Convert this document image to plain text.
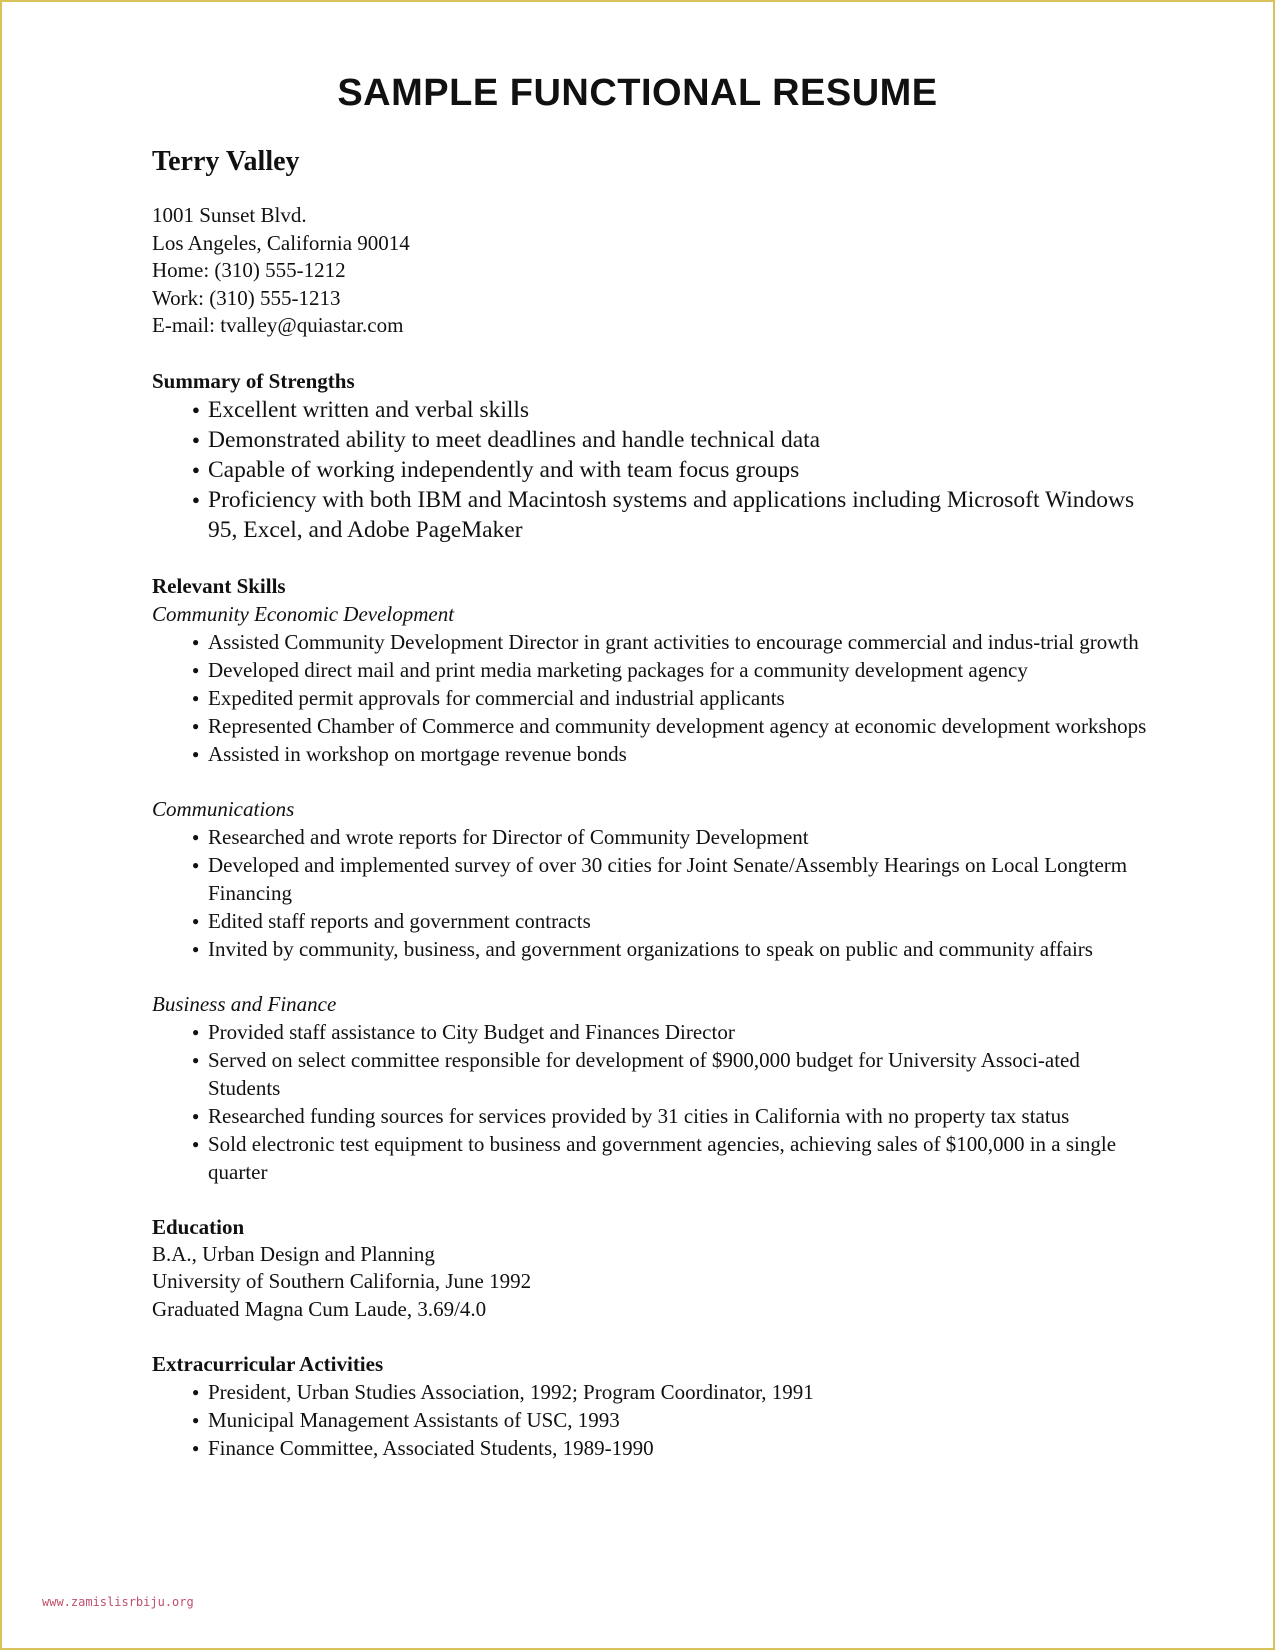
SAMPLE FUNCTIONAL RESUME
Terry Valley
1001 Sunset Blvd.
Los Angeles, California 90014
Home: (310) 555-1212
Work: (310) 555-1213
E-mail: tvalley@quiastar.com
Summary of Strengths
● Excellent written and verbal skills
● Demonstrated ability to meet deadlines and handle technical data
● Capable of working independently and with team focus groups
● Proficiency with both IBM and Macintosh systems and applications including Microsoft Windows 95, Excel, and Adobe PageMaker
Relevant Skills
Community Economic Development
● Assisted Community Development Director in grant activities to encourage commercial and indus-trial growth
● Developed direct mail and print media marketing packages for a community development agency
● Expedited permit approvals for commercial and industrial applicants
● Represented Chamber of Commerce and community development agency at economic development workshops
● Assisted in workshop on mortgage revenue bonds
Communications
● Researched and wrote reports for Director of Community Development
● Developed and implemented survey of over 30 cities for Joint Senate/Assembly Hearings on Local Longterm Financing
● Edited staff reports and government contracts
● Invited by community, business, and government organizations to speak on public and community affairs
Business and Finance
● Provided staff assistance to City Budget and Finances Director
● Served on select committee responsible for development of $900,000 budget for University Associ-ated Students
● Researched funding sources for services provided by 31 cities in California with no property tax status
● Sold electronic test equipment to business and government agencies, achieving sales of $100,000 in a single quarter
Education
B.A., Urban Design and Planning
University of Southern California, June 1992
Graduated Magna Cum Laude, 3.69/4.0
Extracurricular Activities
● President, Urban Studies Association, 1992; Program Coordinator, 1991
● Municipal Management Assistants of USC, 1993
● Finance Committee, Associated Students, 1989-1990
www.zamislisrbiju.org
